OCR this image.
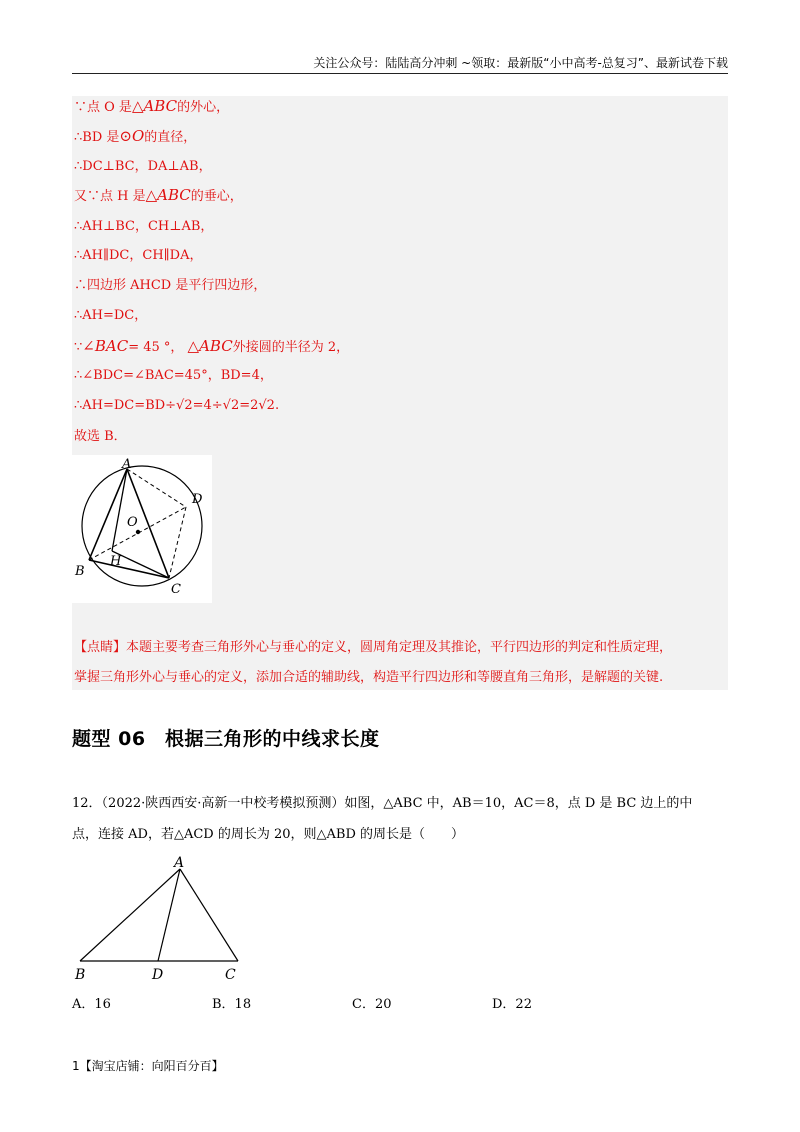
关注公众号：陆陆高分冲刺 ~领取：最新版“小中高考-总复习”、最新试卷下载
∵点 O 是△ABC的外心，
∴BD 是⊙O的直径，
∴DC⊥BC，DA⊥AB，
又∵点 H 是△ABC的垂心，
∴AH⊥BC，CH⊥AB，
∴AH∥DC，CH∥DA，
∴四边形 AHCD 是平行四边形，
∴AH=DC，
∵∠BAC= 45 °， △ABC外接圆的半径为 2，
∴∠BDC=∠BAC=45°，BD=4，
∴AH=DC=BD÷√2=4÷√2=2√2.
故选 B．
A
B
C
D
O
H
【点睛】本题主要考查三角形外心与垂心的定义，圆周角定理及其推论，平行四边形的判定和性质定理，
掌握三角形外心与垂心的定义，添加合适的辅助线，构造平行四边形和等腰直角三角形，是解题的关键.
题型 06　根据三角形的中线求长度
12．（2022·陕西西安·高新一中校考模拟预测）如图，△ABC 中，AB＝10，AC＝8，点 D 是 BC 边上的中
点，连接 AD，若△ACD 的周长为 20，则△ABD 的周长是（　　）
A
B	D	C
A．16	B．18	C．20	D．22
1【淘宝店铺：向阳百分百】
